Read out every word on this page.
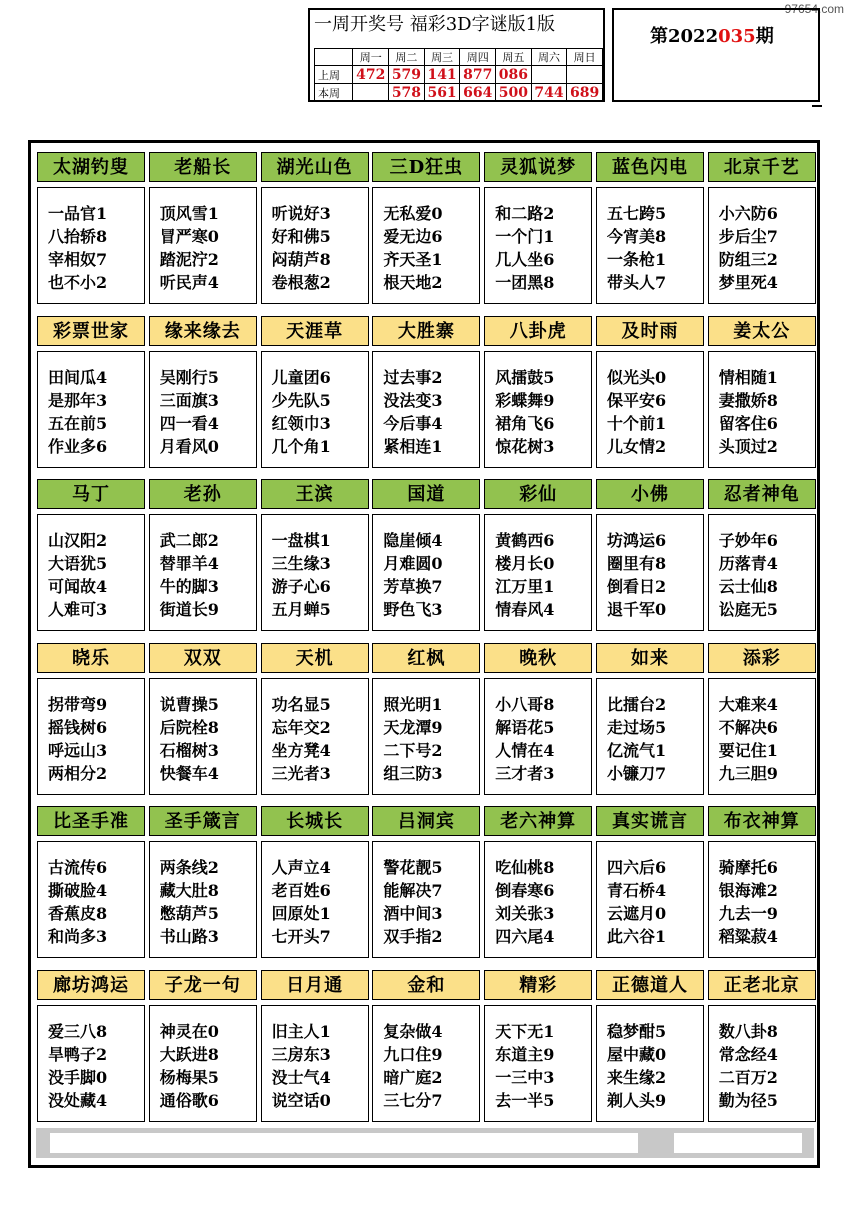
97654.com
一周开奖号 福彩3D字谜版1版
	周一	周二	周三	周四	周五	周六	周日
上周	472	579	141	877	086		
本周		578	561	664	500	744	689
第2022035期
太湖钓叟
一品官1
八抬轿8
宰相奴7
也不小2
老船长
顶风雪1
冒严寒0
踏泥泞2
听民声4
湖光山色
听说好3
好和佛5
闷葫芦8
卷根葱2
三D狂虫
无私爱0
爱无边6
齐天圣1
根天地2
灵狐说梦
和二路2
一个门1
几人坐6
一团黑8
蓝色闪电
五七跨5
今宵美8
一条枪1
带头人7
北京千艺
小六防6
步后尘7
防组三2
梦里死4
彩票世家
田间瓜4
是那年3
五在前5
作业多6
缘来缘去
吴刚行5
三面旗3
四一看4
月看风0
天涯草
儿童团6
少先队5
红领巾3
几个角1
大胜寨
过去事2
没法变3
今后事4
紧相连1
八卦虎
风擂鼓5
彩蝶舞9
裙角飞6
惊花树3
及时雨
似光头0
保平安6
十个前1
儿女情2
姜太公
情相随1
妻撒娇8
留客住6
头顶过2
马丁
山汉阳2
大语犹5
可闻故4
人难可3
老孙
武二郎2
替罪羊4
牛的脚3
街道长9
王滨
一盘棋1
三生缘3
游子心6
五月蝉5
国道
隐崖倾4
月难圆0
芳草换7
野色飞3
彩仙
黄鹤西6
楼月长0
江万里1
情春风4
小佛
坊鸿运6
圈里有8
倒看日2
退千军0
忍者神龟
子妙年6
历落青4
云士仙8
讼庭无5
晓乐
拐带弯9
摇钱树6
呼远山3
两相分2
双双
说曹操5
后院栓8
石榴树3
快餐车4
天机
功名显5
忘年交2
坐方凳4
三光者3
红枫
照光明1
天龙潭9
二下号2
组三防3
晚秋
小八哥8
解语花5
人情在4
三才者3
如来
比擂台2
走过场5
亿流气1
小镰刀7
添彩
大难来4
不解决6
要记住1
九三胆9
比圣手准
古流传6
撕破脸4
香蕉皮8
和尚多3
圣手箴言
两条线2
藏大肚8
憋葫芦5
书山路3
长城长
人声立4
老百姓6
回原处1
七开头7
吕洞宾
警花靓5
能解决7
酒中间3
双手指2
老六神算
吃仙桃8
倒春寒6
刘关张3
四六尾4
真实谎言
四六后6
青石桥4
云遮月0
此六谷1
布衣神算
骑摩托6
银海滩2
九去一9
稻粱菽4
廊坊鸿运
爱三八8
旱鸭子2
没手脚0
没处藏4
子龙一句
神灵在0
大跃进8
杨梅果5
通俗歌6
日月通
旧主人1
三房东3
没士气4
说空话0
金和
复杂做4
九口住9
暗广庭2
三七分7
精彩
天下无1
东道主9
一三中3
去一半5
正德道人
稳梦酣5
屋中藏0
来生缘2
剃人头9
正老北京
数八卦8
常念经4
二百万2
勤为径5
